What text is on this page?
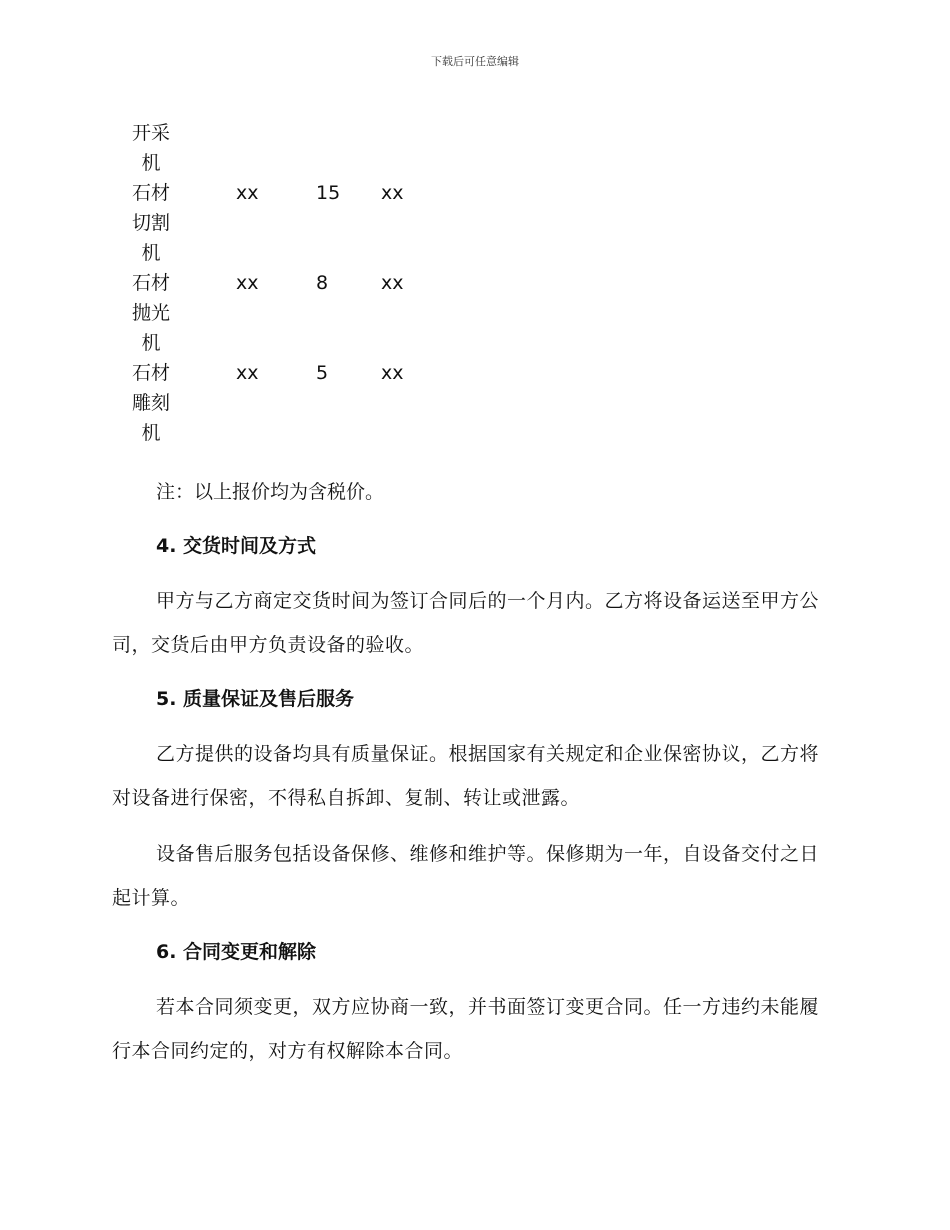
下载后可任意编辑
开采
机
石材
切割
机
xx	15 xx
石材
抛光
机
xx	8	xx
石材
雕刻
机
xx	5	xx
注：以上报价均为含税价。
4. 交货时间及方式
甲方与乙方商定交货时间为签订合同后的一个月内。乙方将设备运送至甲方公司，交货后由甲方负责设备的验收。
5. 质量保证及售后服务
乙方提供的设备均具有质量保证。根据国家有关规定和企业保密协议，乙方将对设备进行保密，不得私自拆卸、复制、转让或泄露。
设备售后服务包括设备保修、维修和维护等。保修期为一年，自设备交付之日起计算。
6. 合同变更和解除
若本合同须变更，双方应协商一致，并书面签订变更合同。任一方违约未能履行本合同约定的，对方有权解除本合同。
